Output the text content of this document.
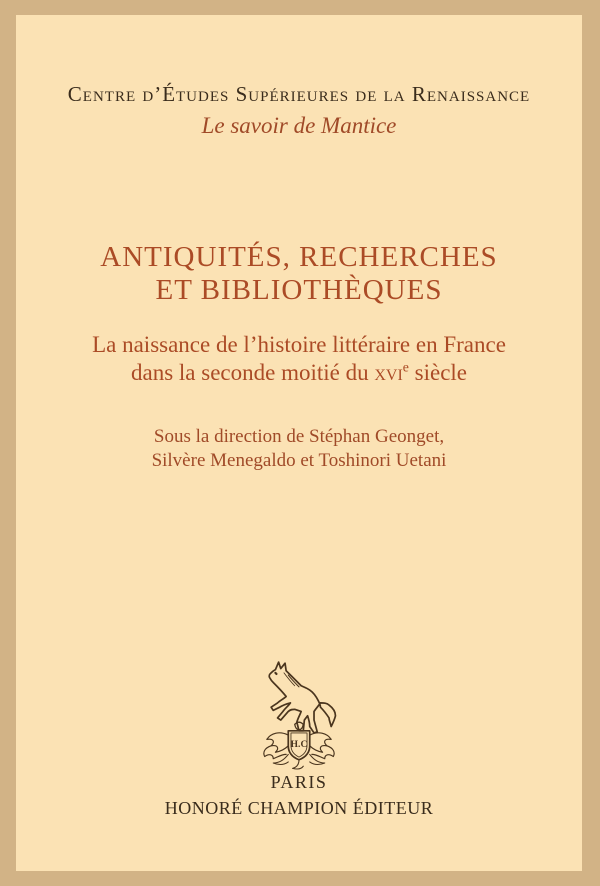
Centre d’Études Supérieures de la Renaissance
Le savoir de Mantice
ANTIQUITÉS, RECHERCHES
ET BIBLIOTHÈQUES
La naissance de l’histoire littéraire en France
dans la seconde moitié du xvi$^e$ siècle
Sous la direction de Stéphan Geonget,
Silvère Menegaldo et Toshinori Uetani
H.C
PARIS
HONORÉ CHAMPION ÉDITEUR
